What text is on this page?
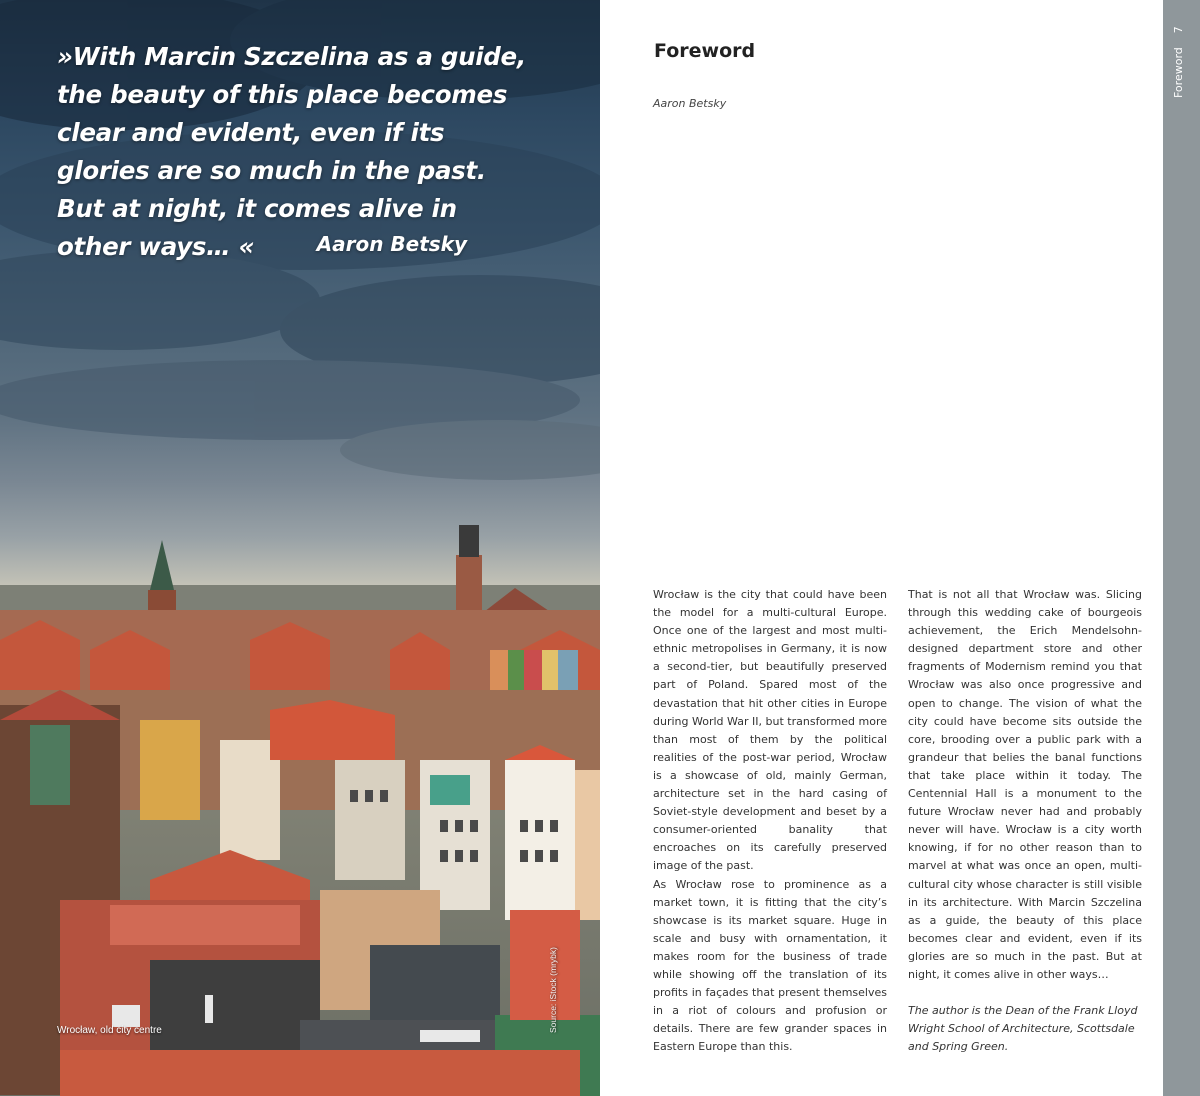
»With Marcin Szczelina as a guide, the beauty of this place becomes clear and evident, even if its glories are so much in the past. But at night, it comes alive in other ways… «	Aaron Betsky
Wrocław, old city centre	Source: iStock (mrybk)
Foreword
Aaron Betsky

Wrocław is the city that could have been the model for a multi-cultural Europe. Once one of the largest and most multi-ethnic metropolises in Germany, it is now a second-tier, but beautifully preserved part of Poland. Spared most of the devastation that hit other cities in Europe during World War II, but transformed more than most of them by the political realities of the post-war period, Wrocław is a showcase of old, mainly German, architecture set in the hard casing of Soviet-style development and beset by a consumer-oriented banality that encroaches on its carefully preserved image of the past.

As Wrocław rose to prominence as a market town, it is fitting that the city’s showcase is its market square. Huge in scale and busy with ornamentation, it makes room for the business of trade while showing off the translation of its profits in façades that present themselves in a riot of colours and profusion or details. There are few grander spaces in Eastern Europe than this.

That is not all that Wrocław was. Slicing through this wedding cake of bourgeois achievement, the Erich Mendelsohn-designed department store and other fragments of Modernism remind you that Wrocław was also once progressive and open to change. The vision of what the city could have become sits outside the core, brooding over a public park with a grandeur that belies the banal functions that take place within it today. The Centennial Hall is a monument to the future Wrocław never had and probably never will have. Wrocław is a city worth knowing, if for no other reason than to marvel at what was once an open, multi-cultural city whose character is still visible in its architecture. With Marcin Szczelina as a guide, the beauty of this place becomes clear and evident, even if its glories are so much in the past. But at night, it comes alive in other ways…

The author is the Dean of the Frank Lloyd Wright School of Architecture, Scottsdale and Spring Green.

Foreword7
